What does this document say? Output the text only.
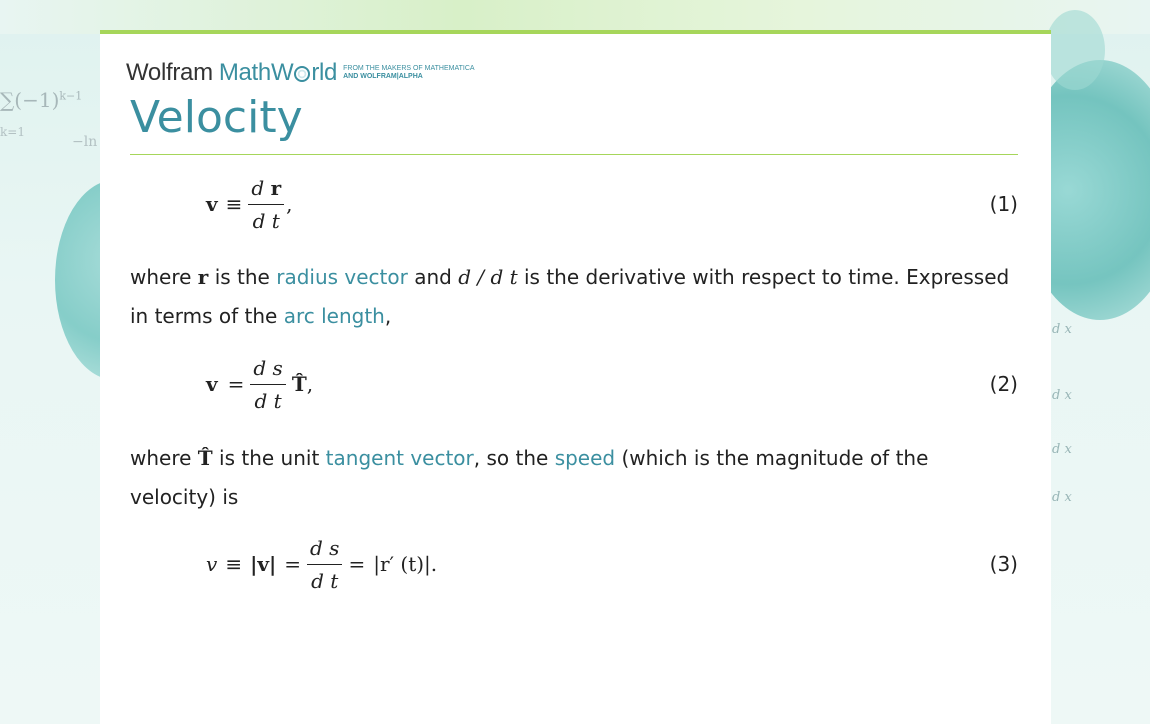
$\sum(-1)^{k-1}$
k=1
−ln
d x
d x
d x
d x
Wolfram MathW rld FROM THE MAKERS OF MATHEMATICA
AND WOLFRAM|ALPHA
Velocity
$v \equiv \frac{\text{d r}}{\text{d t}}$ ,	(1)
where r is the radius vector and d / d t is the derivative with respect to time. Expressed in terms of the arc length,
$v = \frac{\text{d s}}{\text{d t}}$ T̂ ,	(2)
where T̂ is the unit tangent vector, so the speed (which is the magnitude of the velocity) is
$v \equiv |v| = \frac{\text{d s}}{\text{d t}} = |r'$ (t)|.	(3)
